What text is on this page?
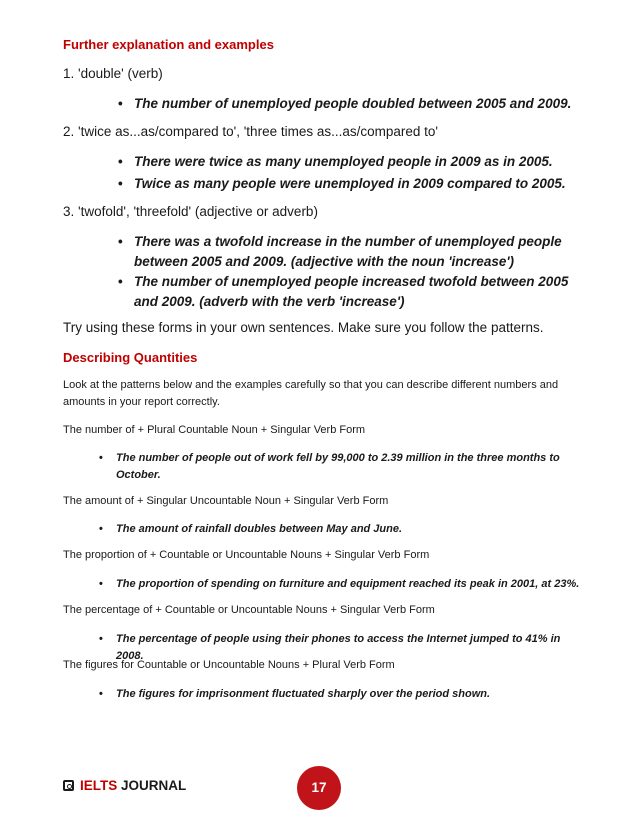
Further explanation and examples
1. 'double' (verb)
• The number of unemployed people doubled between 2005 and 2009.
2. 'twice as...as/compared to', 'three times as...as/compared to'
• There were twice as many unemployed people in 2009 as in 2005.
• Twice as many people were unemployed in 2009 compared to 2005.
3. 'twofold', 'threefold' (adjective or adverb)
• There was a twofold increase in the number of unemployed people between 2005 and 2009. (adjective with the noun 'increase')
• The number of unemployed people increased twofold between 2005 and 2009. (adverb with the verb 'increase')
Try using these forms in your own sentences. Make sure you follow the patterns.
Describing Quantities
Look at the patterns below and the examples carefully so that you can describe different numbers and amounts in your report correctly.
The number of + Plural Countable Noun + Singular Verb Form
• The number of people out of work fell by 99,000 to 2.39 million in the three months to October.
The amount of + Singular Uncountable Noun + Singular Verb Form
• The amount of rainfall doubles between May and June.
The proportion of + Countable or Uncountable Nouns + Singular Verb Form
• The proportion of spending on furniture and equipment reached its peak in 2001, at 23%.
The percentage of + Countable or Uncountable Nouns + Singular Verb Form
• The percentage of people using their phones to access the Internet jumped to 41% in 2008.
The figures for Countable or Uncountable Nouns + Plural Verb Form
• The figures for imprisonment fluctuated sharply over the period shown.
IELTS JOURNAL	17
